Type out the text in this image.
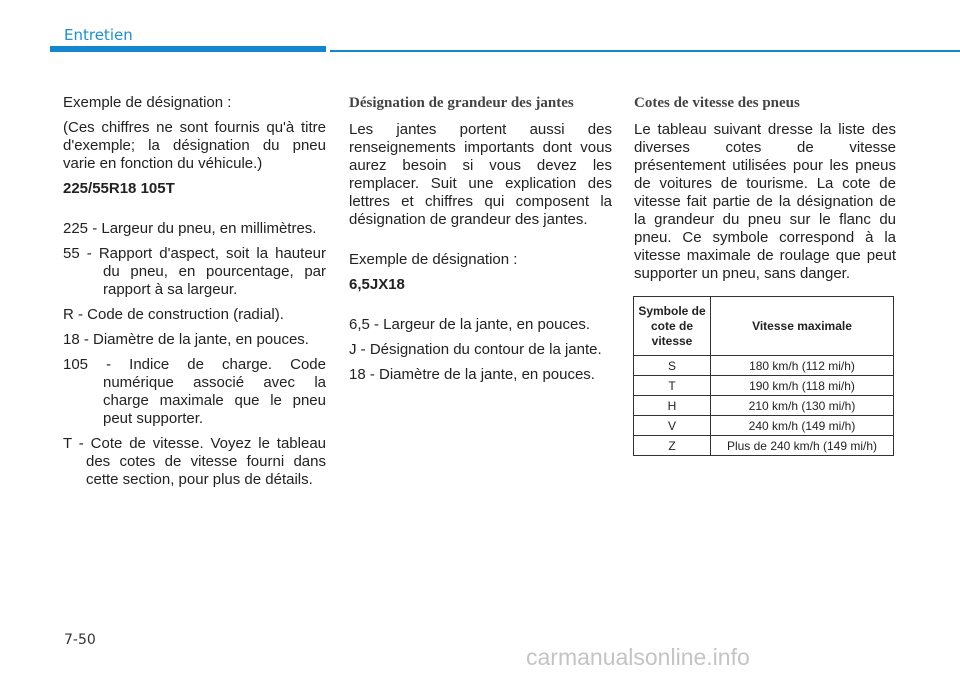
Entretien

Exemple de désignation :

(Ces chiffres ne sont fournis qu'à titre d'exemple; la désignation du pneu varie en fonction du véhicule.)

225/55R18 105T

225 - Largeur du pneu, en millimètres.

55 - Rapport d'aspect, soit la hauteur du pneu, en pourcentage, par rapport à sa largeur.

R - Code de construction (radial).

18 - Diamètre de la jante, en pouces.

105 - Indice de charge. Code numérique associé avec la charge maximale que le pneu peut supporter.

T - Cote de vitesse. Voyez le tableau des cotes de vitesse fourni dans cette section, pour plus de détails.

Désignation de grandeur des jantes

Les jantes portent aussi des renseignements importants dont vous aurez besoin si vous devez les remplacer. Suit une explication des lettres et chiffres qui composent la désignation de grandeur des jantes.

Exemple de désignation :

6,5JX18

6,5 - Largeur de la jante, en pouces.

J - Désignation du contour de la jante.

18 - Diamètre de la jante, en pouces.

Cotes de vitesse des pneus

Le tableau suivant dresse la liste des diverses cotes de vitesse présentement utilisées pour les pneus de voitures de tourisme. La cote de vitesse fait partie de la désignation de la grandeur du pneu sur le flanc du pneu. Ce symbole correspond à la vitesse maximale de roulage que peut supporter un pneu, sans danger.

Symbole de cote de vitesse	Vitesse maximale
S	180 km/h (112 mi/h)
T	190 km/h (118 mi/h)
H	210 km/h (130 mi/h)
V	240 km/h (149 mi/h)
Z	Plus de 240 km/h (149 mi/h)
7-50
carmanualsonline.info
